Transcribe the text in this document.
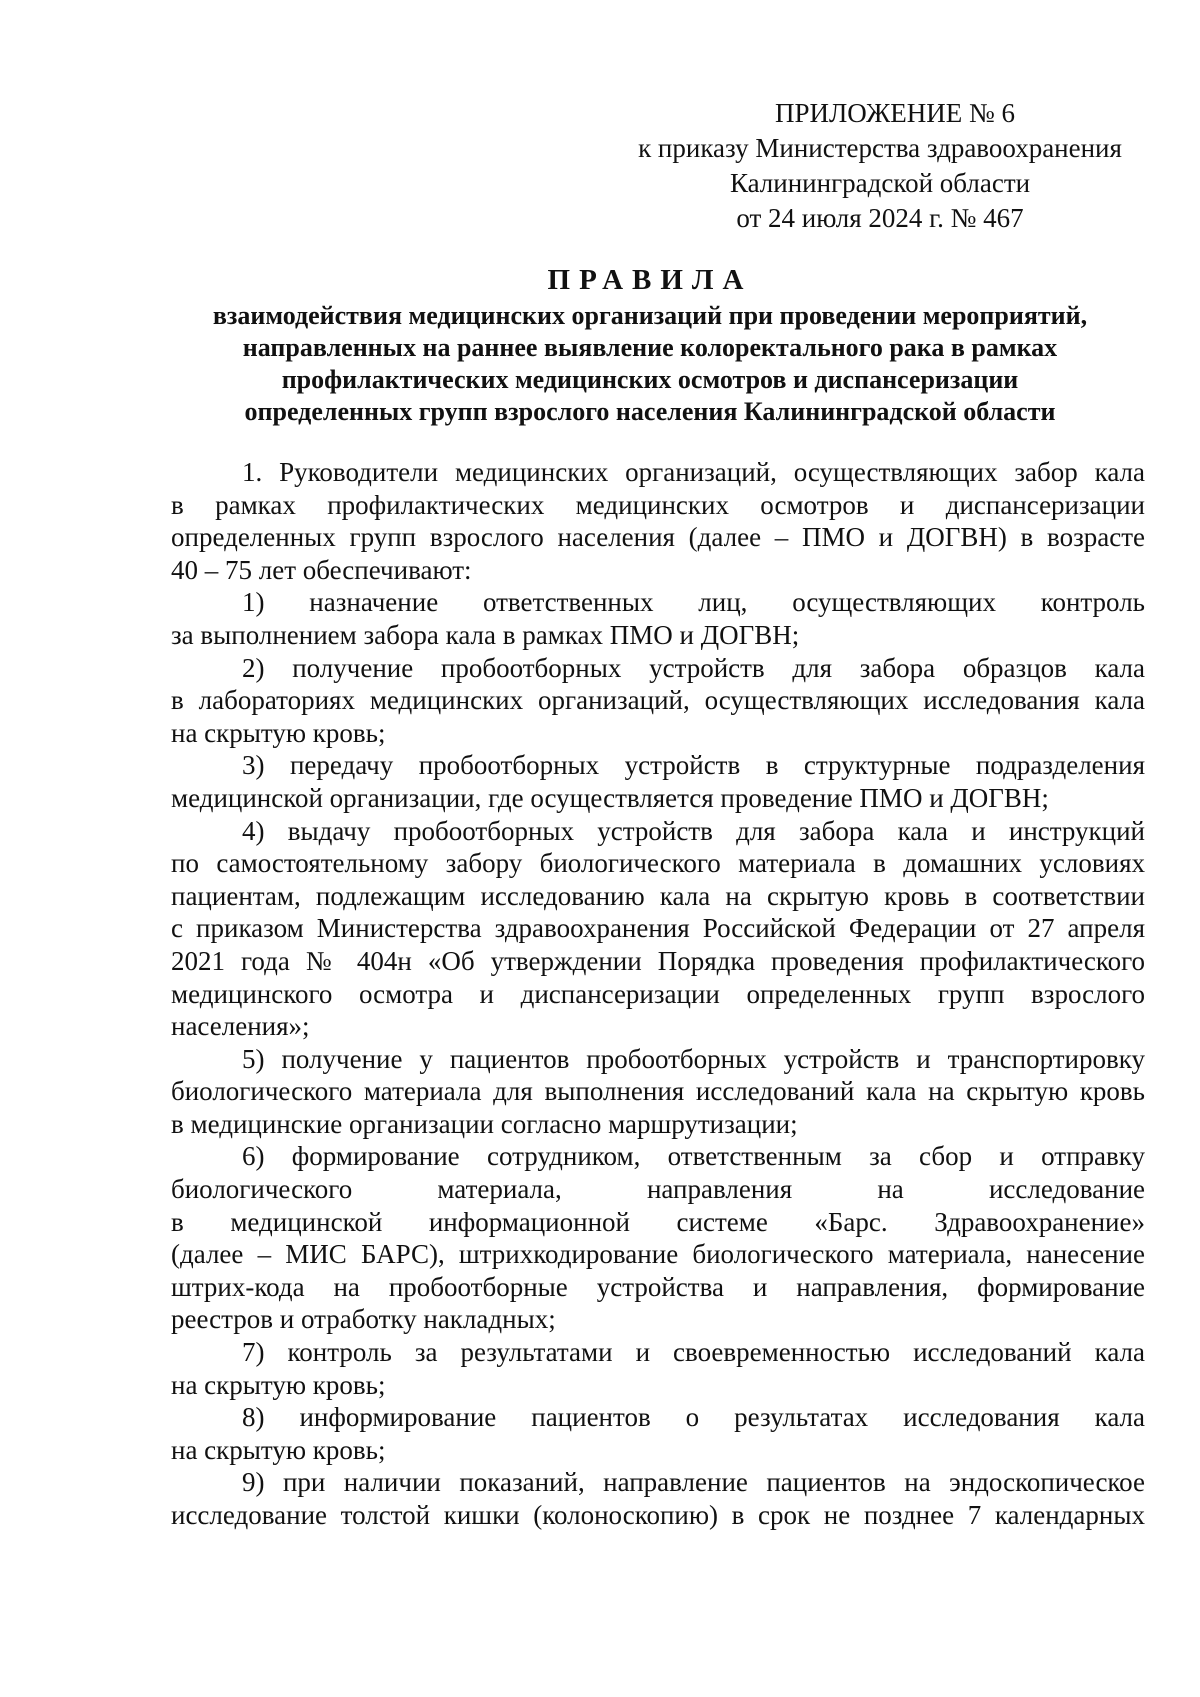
ПРИЛОЖЕНИЕ № 6
к приказу Министерства здравоохранения
Калининградской области
от 24 июля 2024 г. № 467
ПРАВИЛА
взаимодействия медицинских организаций при проведении мероприятий,
направленных на раннее выявление колоректального рака в рамках
профилактических медицинских осмотров и диспансеризации
определенных групп взрослого населения Калининградской области
1. Руководители медицинских организаций, осуществляющих забор кала
в рамках профилактических медицинских осмотров и диспансеризации
определенных групп взрослого населения (далее – ПМО и ДОГВН) в возрасте
40 – 75 лет обеспечивают:
1) назначение ответственных лиц, осуществляющих контроль
за выполнением забора кала в рамках ПМО и ДОГВН;
2) получение пробоотборных устройств для забора образцов кала
в лабораториях медицинских организаций, осуществляющих исследования кала
на скрытую кровь;
3) передачу пробоотборных устройств в структурные подразделения
медицинской организации, где осуществляется проведение ПМО и ДОГВН;
4) выдачу пробоотборных устройств для забора кала и инструкций
по самостоятельному забору биологического материала в домашних условиях
пациентам, подлежащим исследованию кала на скрытую кровь в соответствии
с приказом Министерства здравоохранения Российской Федерации от 27 апреля
2021 года № 404н «Об утверждении Порядка проведения профилактического
медицинского осмотра и диспансеризации определенных групп взрослого
населения»;
5) получение у пациентов пробоотборных устройств и транспортировку
биологического материала для выполнения исследований кала на скрытую кровь
в медицинские организации согласно маршрутизации;
6) формирование сотрудником, ответственным за сбор и отправку
биологического материала, направления на исследование
в медицинской информационной системе «Барс. Здравоохранение»
(далее – МИС БАРС), штрихкодирование биологического материала, нанесение
штрих-кода на пробоотборные устройства и направления, формирование
реестров и отработку накладных;
7) контроль за результатами и своевременностью исследований кала
на скрытую кровь;
8) информирование пациентов о результатах исследования кала
на скрытую кровь;
9) при наличии показаний, направление пациентов на эндоскопическое
исследование толстой кишки (колоноскопию) в срок не позднее 7 календарных
